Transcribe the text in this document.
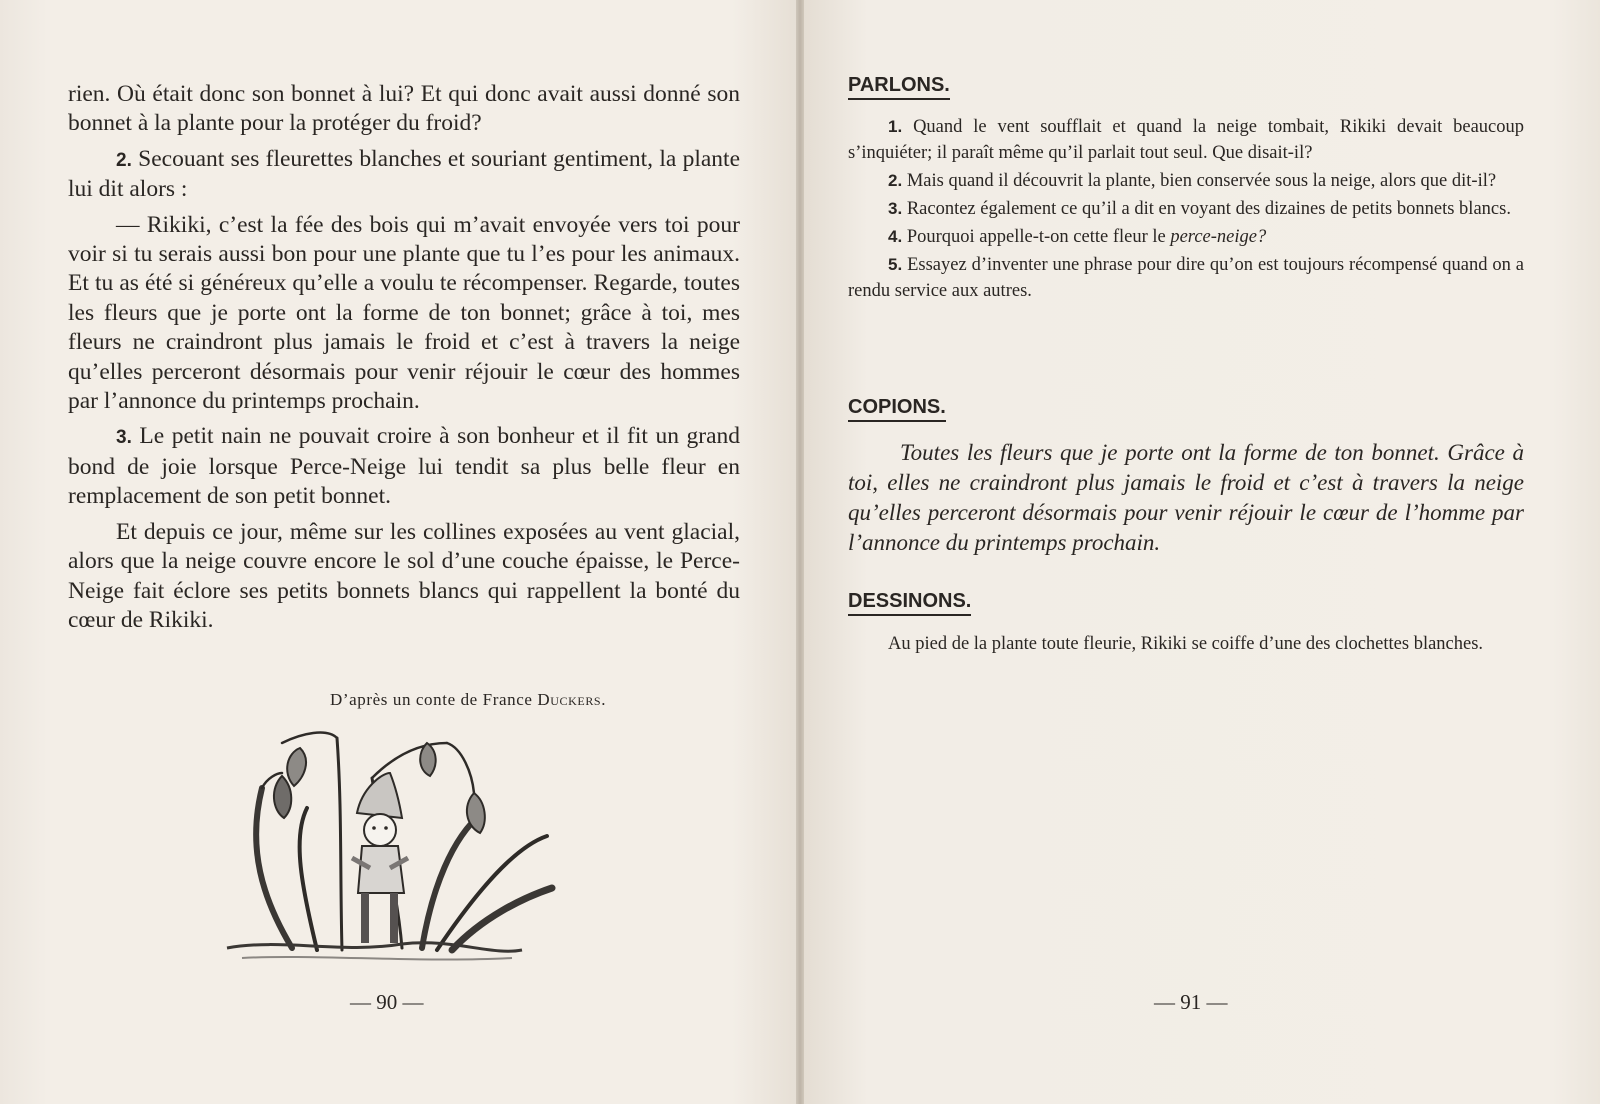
rien. Où était donc son bonnet à lui? Et qui donc avait aussi donné son bonnet à la plante pour la protéger du froid?

2. Secouant ses fleurettes blanches et souriant gentiment, la plante lui dit alors :

— Rikiki, c’est la fée des bois qui m’avait envoyée vers toi pour voir si tu serais aussi bon pour une plante que tu l’es pour les animaux. Et tu as été si généreux qu’elle a voulu te récompenser. Regarde, toutes les fleurs que je porte ont la forme de ton bonnet; grâce à toi, mes fleurs ne craindront plus jamais le froid et c’est à travers la neige qu’elles perceront désormais pour venir réjouir le cœur des hommes par l’annonce du printemps prochain.

3. Le petit nain ne pouvait croire à son bonheur et il fit un grand bond de joie lorsque Perce-Neige lui tendit sa plus belle fleur en remplacement de son petit bonnet.

Et depuis ce jour, même sur les collines exposées au vent glacial, alors que la neige couvre encore le sol d’une couche épaisse, le Perce-Neige fait éclore ses petits bonnets blancs qui rappellent la bonté du cœur de Rikiki.

D’après un conte de France Duckers.
— 90 —
PARLONS.

1. Quand le vent soufflait et quand la neige tombait, Rikiki devait beaucoup s’inquiéter; il paraît même qu’il parlait tout seul. Que disait-il?

2. Mais quand il découvrit la plante, bien conservée sous la neige, alors que dit-il?

3. Racontez également ce qu’il a dit en voyant des dizaines de petits bonnets blancs.

4. Pourquoi appelle-t-on cette fleur le perce-neige?

5. Essayez d’inventer une phrase pour dire qu’on est toujours récompensé quand on a rendu service aux autres.

COPIONS.

Toutes les fleurs que je porte ont la forme de ton bonnet. Grâce à toi, elles ne craindront plus jamais le froid et c’est à travers la neige qu’elles perceront désormais pour venir réjouir le cœur de l’homme par l’annonce du printemps prochain.

DESSINONS.

Au pied de la plante toute fleurie, Rikiki se coiffe d’une des clochettes blanches.

— 91 —
